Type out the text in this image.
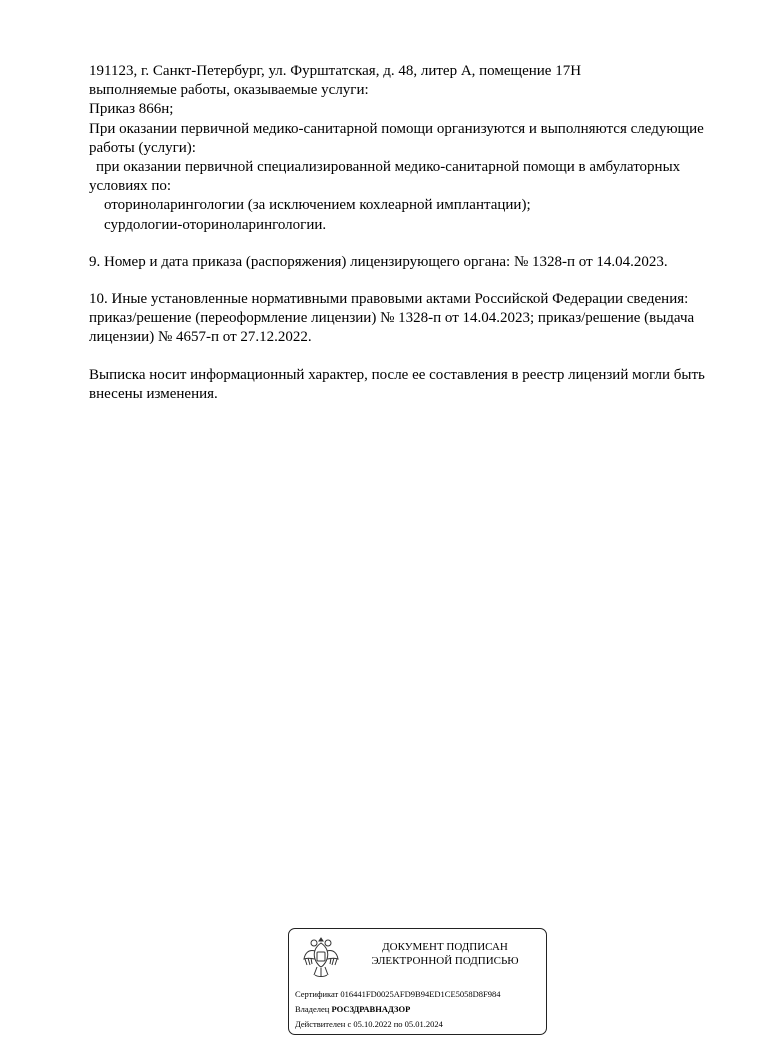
191123, г. Санкт-Петербург, ул. Фурштатская, д. 48, литер А, помещение 17Н
выполняемые работы, оказываемые услуги:
Приказ 866н;
При оказании первичной медико-санитарной помощи организуются и выполняются следующие
работы (услуги):
при оказании первичной специализированной медико-санитарной помощи в амбулаторных
условиях по:
оториноларингологии (за исключением кохлеарной имплантации);
сурдологии-оториноларингологии.
9. Номер и дата приказа (распоряжения) лицензирующего органа: № 1328-п от 14.04.2023.
10. Иные установленные нормативными правовыми актами Российской Федерации сведения:
приказ/решение (переоформление лицензии) № 1328-п от 14.04.2023; приказ/решение (выдача
лицензии) № 4657-п от 27.12.2022.
Выписка носит информационный характер, после ее составления в реестр лицензий могли быть
внесены изменения.
ДОКУМЕНТ ПОДПИСАН
ЭЛЕКТРОННОЙ ПОДПИСЬЮ
Сертификат 016441FD0025AFD9B94ED1CE5058D8F984
Владелец РОСЗДРАВНАДЗОР
Действителен с 05.10.2022 по 05.01.2024
